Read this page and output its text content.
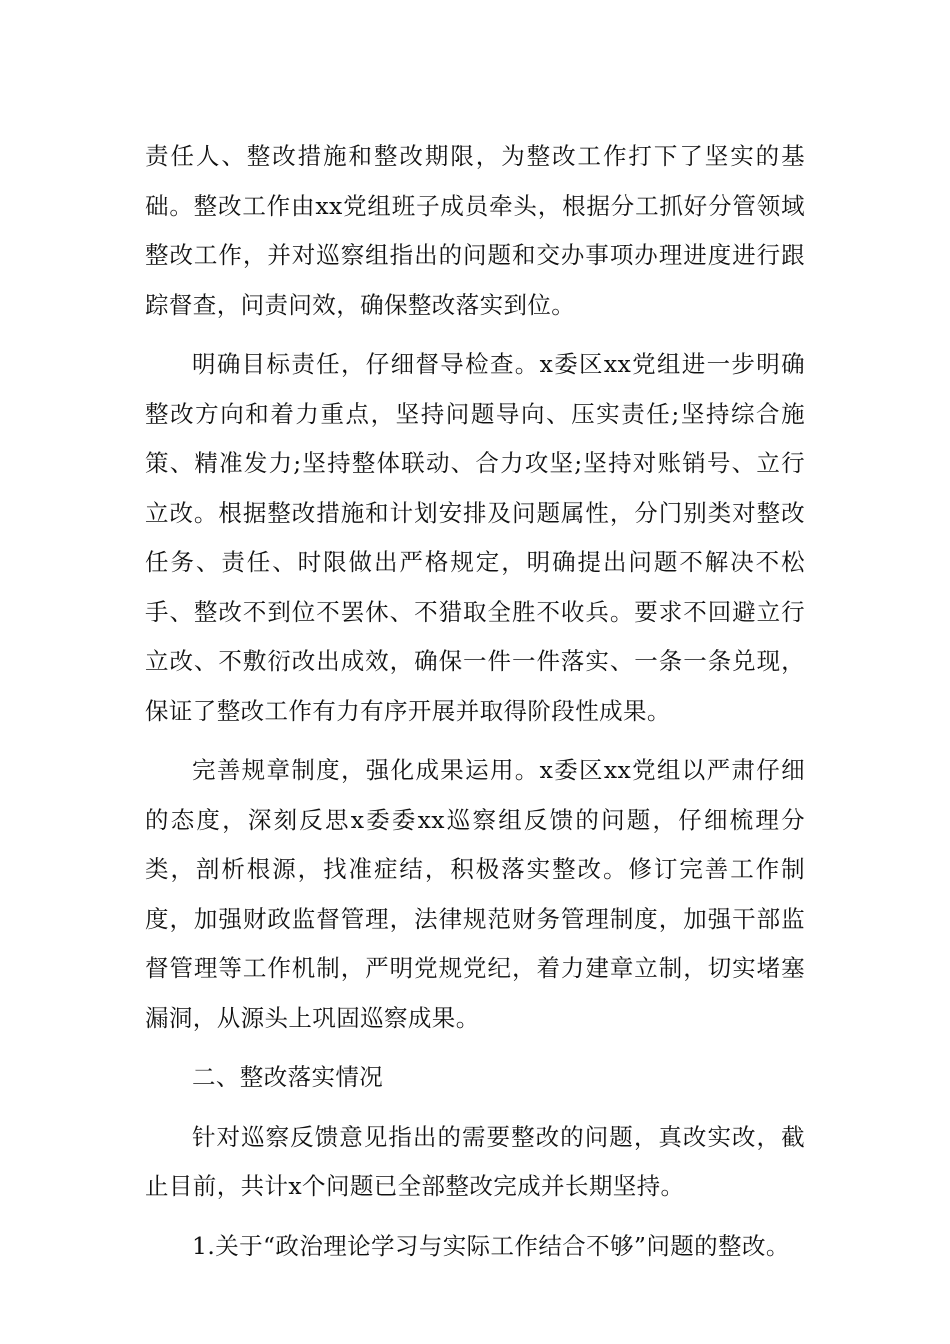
责任人、整改措施和整改期限，为整改工作打下了坚实的基础。整改工作由xx党组班子成员牵头，根据分工抓好分管领域整改工作，并对巡察组指出的问题和交办事项办理进度进行跟踪督查，问责问效，确保整改落实到位。

明确目标责任，仔细督导检查。x委区xx党组进一步明确整改方向和着力重点，坚持问题导向、压实责任;坚持综合施策、精准发力;坚持整体联动、合力攻坚;坚持对账销号、立行立改。根据整改措施和计划安排及问题属性，分门别类对整改任务、责任、时限做出严格规定，明确提出问题不解决不松手、整改不到位不罢休、不猎取全胜不收兵。要求不回避立行立改、不敷衍改出成效，确保一件一件落实、一条一条兑现，保证了整改工作有力有序开展并取得阶段性成果。

完善规章制度，强化成果运用。x委区xx党组以严肃仔细的态度，深刻反思x委委xx巡察组反馈的问题，仔细梳理分类，剖析根源，找准症结，积极落实整改。修订完善工作制度，加强财政监督管理，法律规范财务管理制度，加强干部监督管理等工作机制，严明党规党纪，着力建章立制，切实堵塞漏洞，从源头上巩固巡察成果。

二、整改落实情况

针对巡察反馈意见指出的需要整改的问题，真改实改，截止目前，共计x个问题已全部整改完成并长期坚持。

1.关于“政治理论学习与实际工作结合不够”问题的整改。
